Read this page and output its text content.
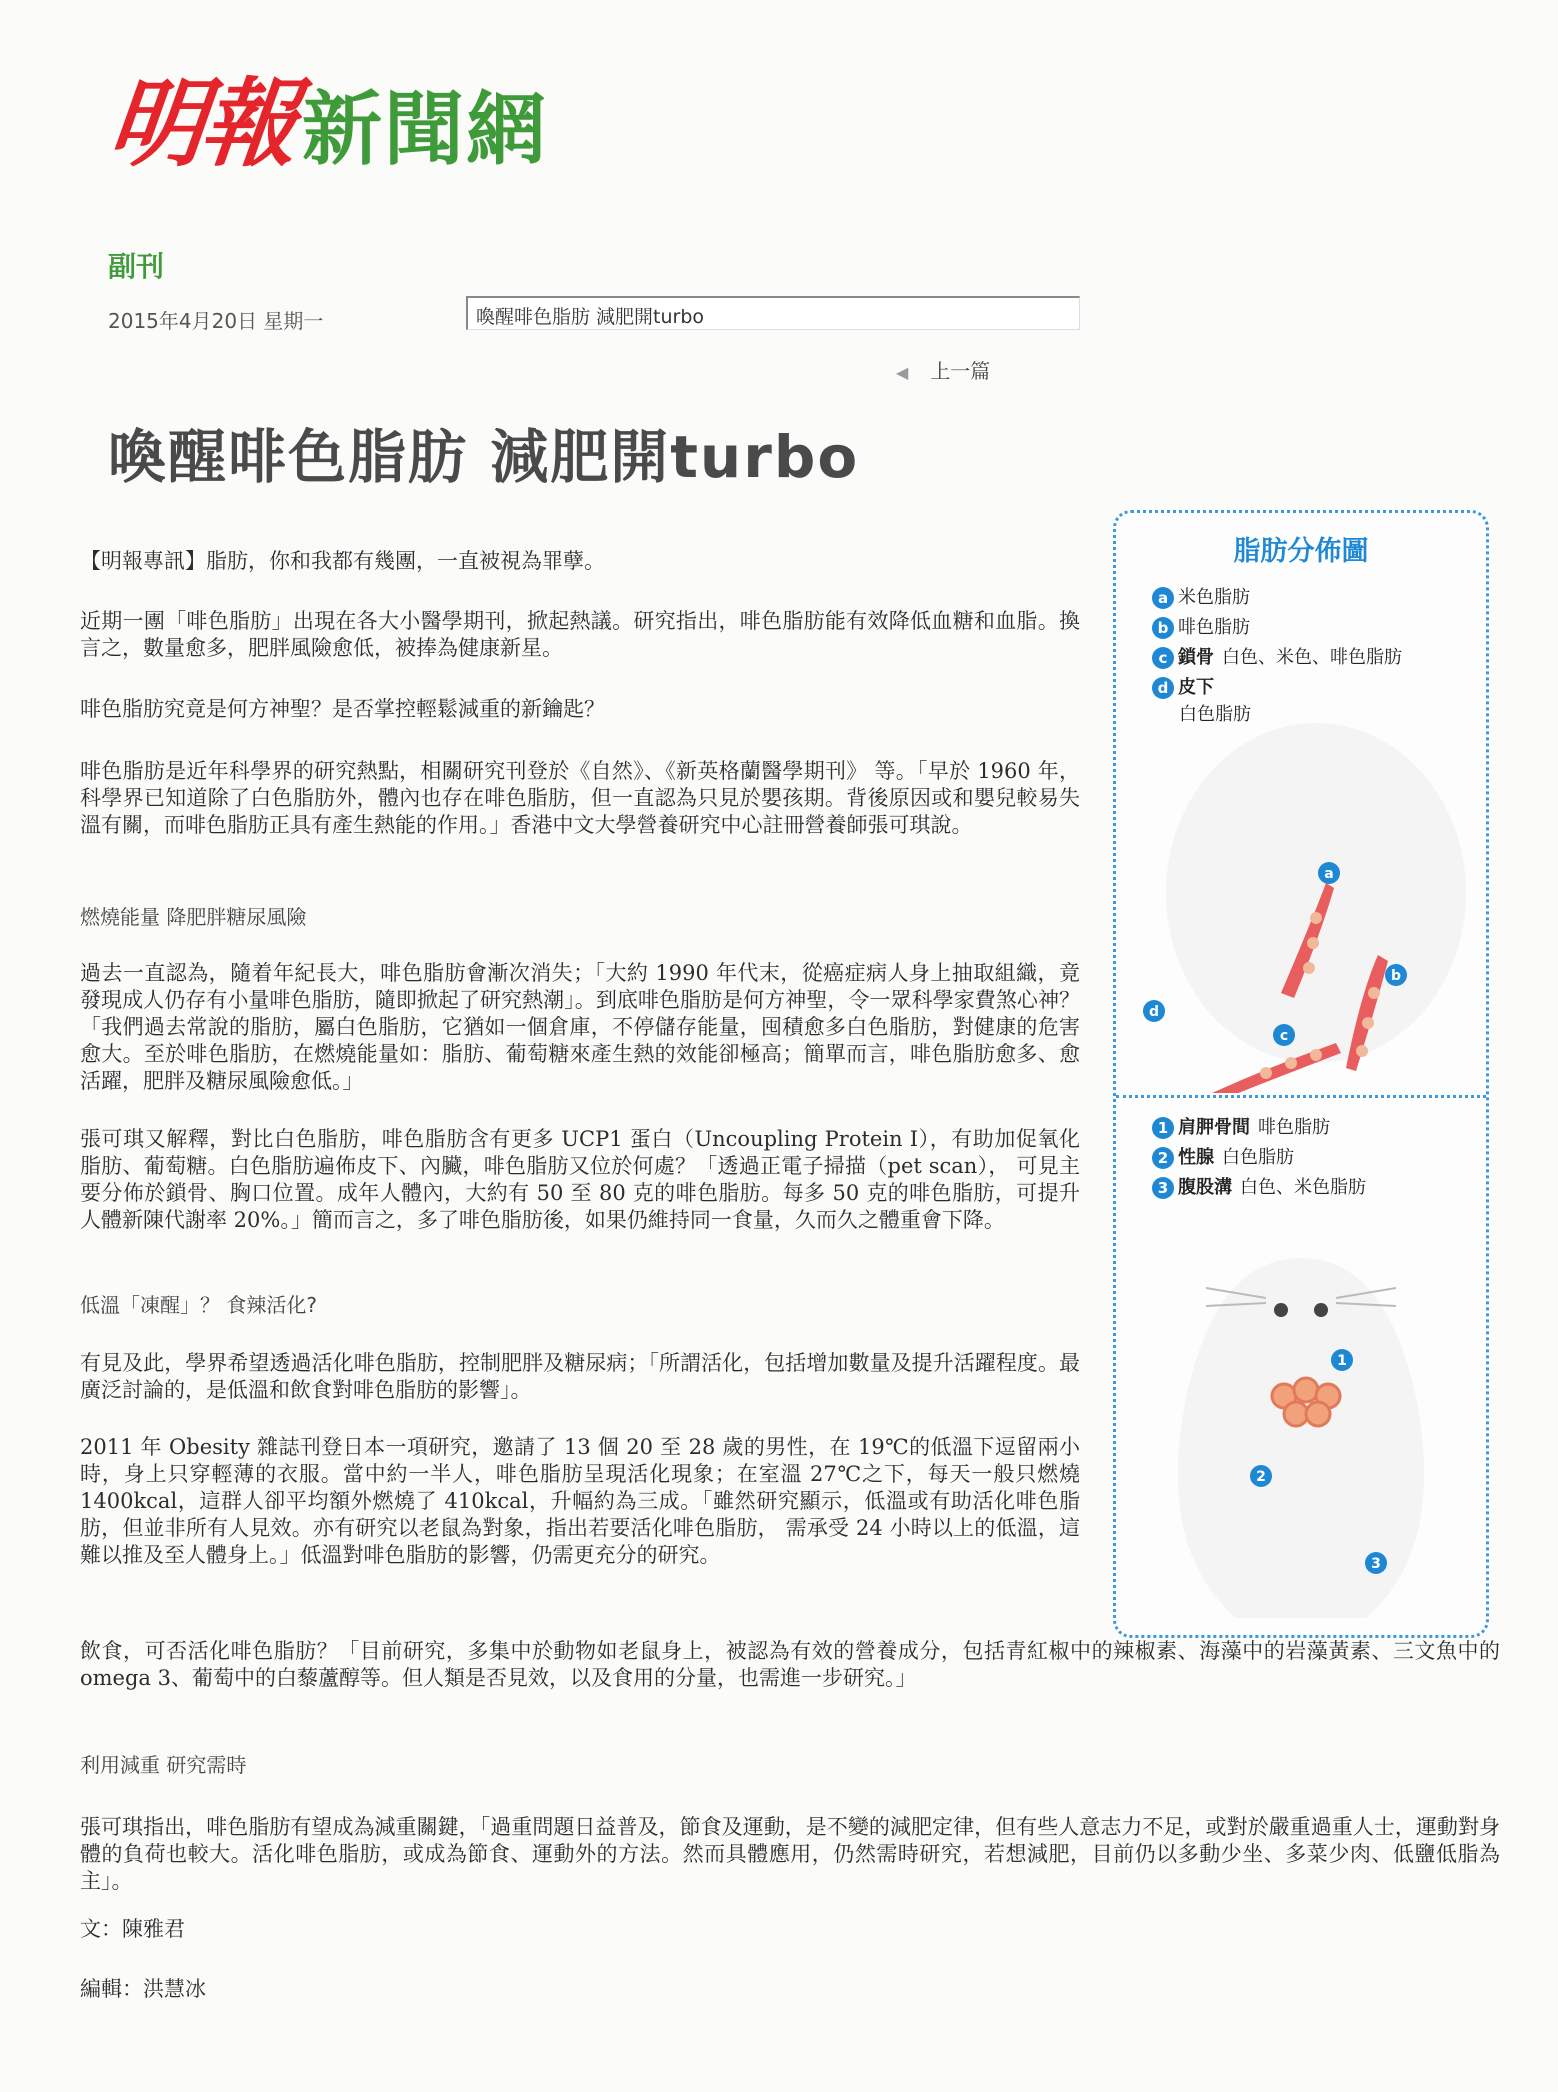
明報新聞網
副刊
2015年4月20日 星期一	喚醒啡色脂肪 減肥開turbo
◀ 上一篇
喚醒啡色脂肪 減肥開turbo
【明報專訊】脂肪，你和我都有幾團，一直被視為罪孽。
近期一團「啡色脂肪」出現在各大小醫學期刊，掀起熱議。研究指出，啡色脂肪能有效降低血糖和血脂。換言之，數量愈多，肥胖風險愈低，被捧為健康新星。
啡色脂肪究竟是何方神聖？是否掌控輕鬆減重的新鑰匙？
啡色脂肪是近年科學界的研究熱點，相關研究刊登於《自然》、《新英格蘭醫學期刊》 等。「早於 1960 年，科學界已知道除了白色脂肪外，體內也存在啡色脂肪，但一直認為只見於嬰孩期。背後原因或和嬰兒較易失溫有關，而啡色脂肪正具有產生熱能的作用。」香港中文大學營養研究中心註冊營養師張可琪說。
燃燒能量 降肥胖糖尿風險
過去一直認為，隨着年紀長大，啡色脂肪會漸次消失；「大約 1990 年代末，從癌症病人身上抽取組織，竟發現成人仍存有小量啡色脂肪，隨即掀起了研究熱潮」。到底啡色脂肪是何方神聖，令一眾科學家費煞心神？「我們過去常說的脂肪，屬白色脂肪，它猶如一個倉庫，不停儲存能量，囤積愈多白色脂肪，對健康的危害愈大。至於啡色脂肪，在燃燒能量如：脂肪、葡萄糖來產生熱的效能卻極高；簡單而言，啡色脂肪愈多、愈活躍，肥胖及糖尿風險愈低。」
張可琪又解釋，對比白色脂肪，啡色脂肪含有更多 UCP1 蛋白（Uncoupling Protein I），有助加促氧化脂肪、葡萄糖。白色脂肪遍佈皮下、內臟，啡色脂肪又位於何處？「透過正電子掃描（pet scan）， 可見主要分佈於鎖骨、胸口位置。成年人體內，大約有 50 至 80 克的啡色脂肪。每多 50 克的啡色脂肪，可提升人體新陳代謝率 20%。」簡而言之，多了啡色脂肪後，如果仍維持同一食量，久而久之體重會下降。
低溫「凍醒」？ 食辣活化?
有見及此，學界希望透過活化啡色脂肪，控制肥胖及糖尿病；「所謂活化，包括增加數量及提升活躍程度。最廣泛討論的，是低溫和飲食對啡色脂肪的影響」。
2011 年 Obesity 雜誌刊登日本一項研究，邀請了 13 個 20 至 28 歲的男性，在 19℃的低溫下逗留兩小時，身上只穿輕薄的衣服。當中約一半人，啡色脂肪呈現活化現象；在室溫 27℃之下，每天一般只燃燒 1400kcal，這群人卻平均額外燃燒了 410kcal，升幅約為三成。「雖然研究顯示，低溫或有助活化啡色脂肪，但並非所有人見效。亦有研究以老鼠為對象，指出若要活化啡色脂肪， 需承受 24 小時以上的低溫，這難以推及至人體身上。」低溫對啡色脂肪的影響，仍需更充分的研究。
飲食，可否活化啡色脂肪？「目前研究，多集中於動物如老鼠身上，被認為有效的營養成分，包括青紅椒中的辣椒素、海藻中的岩藻黃素、三文魚中的 omega 3、葡萄中的白藜蘆醇等。但人類是否見效，以及食用的分量，也需進一步研究。」
利用減重 研究需時
張可琪指出，啡色脂肪有望成為減重關鍵，「過重問題日益普及，節食及運動，是不變的減肥定律，但有些人意志力不足，或對於嚴重過重人士，運動對身體的負荷也較大。活化啡色脂肪，或成為節食、運動外的方法。然而具體應用，仍然需時研究，若想減肥，目前仍以多動少坐、多菜少肉、低鹽低脂為主」。
文：陳雅君
編輯：洪慧冰
脂肪分佈圖
a 米色脂肪
b 啡色脂肪
c 鎖骨 白色、米色、啡色脂肪
d 皮下
白色脂肪
a
b
c
d
1 肩胛骨間 啡色脂肪
2 性腺 白色脂肪
3 腹股溝 白色、米色脂肪
1
2
3
